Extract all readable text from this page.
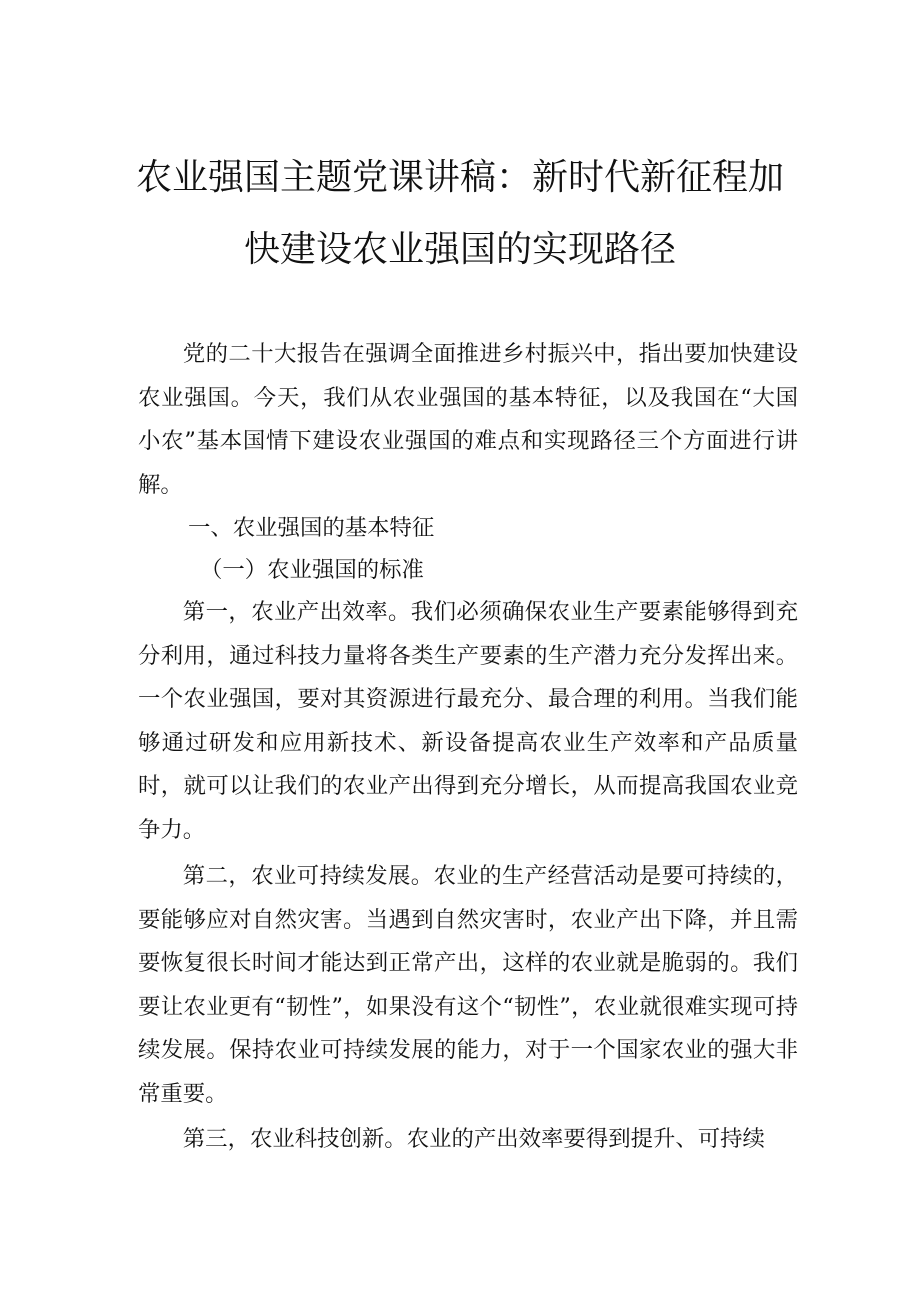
农业强国主题党课讲稿：新时代新征程加
快建设农业强国的实现路径

党的二十大报告在强调全面推进乡村振兴中，指出要加快建设农业强国。今天，我们从农业强国的基本特征，以及我国在“大国小农”基本国情下建设农业强国的难点和实现路径三个方面进行讲解。

一、农业强国的基本特征
（一）农业强国的标准

第一，农业产出效率。我们必须确保农业生产要素能够得到充分利用，通过科技力量将各类生产要素的生产潜力充分发挥出来。一个农业强国，要对其资源进行最充分、最合理的利用。当我们能够通过研发和应用新技术、新设备提高农业生产效率和产品质量时，就可以让我们的农业产出得到充分增长，从而提高我国农业竞争力。

第二，农业可持续发展。农业的生产经营活动是要可持续的，要能够应对自然灾害。当遇到自然灾害时，农业产出下降，并且需要恢复很长时间才能达到正常产出，这样的农业就是脆弱的。我们要让农业更有“韧性”，如果没有这个“韧性”，农业就很难实现可持续发展。保持农业可持续发展的能力，对于一个国家农业的强大非常重要。

第三，农业科技创新。农业的产出效率要得到提升、可持续
